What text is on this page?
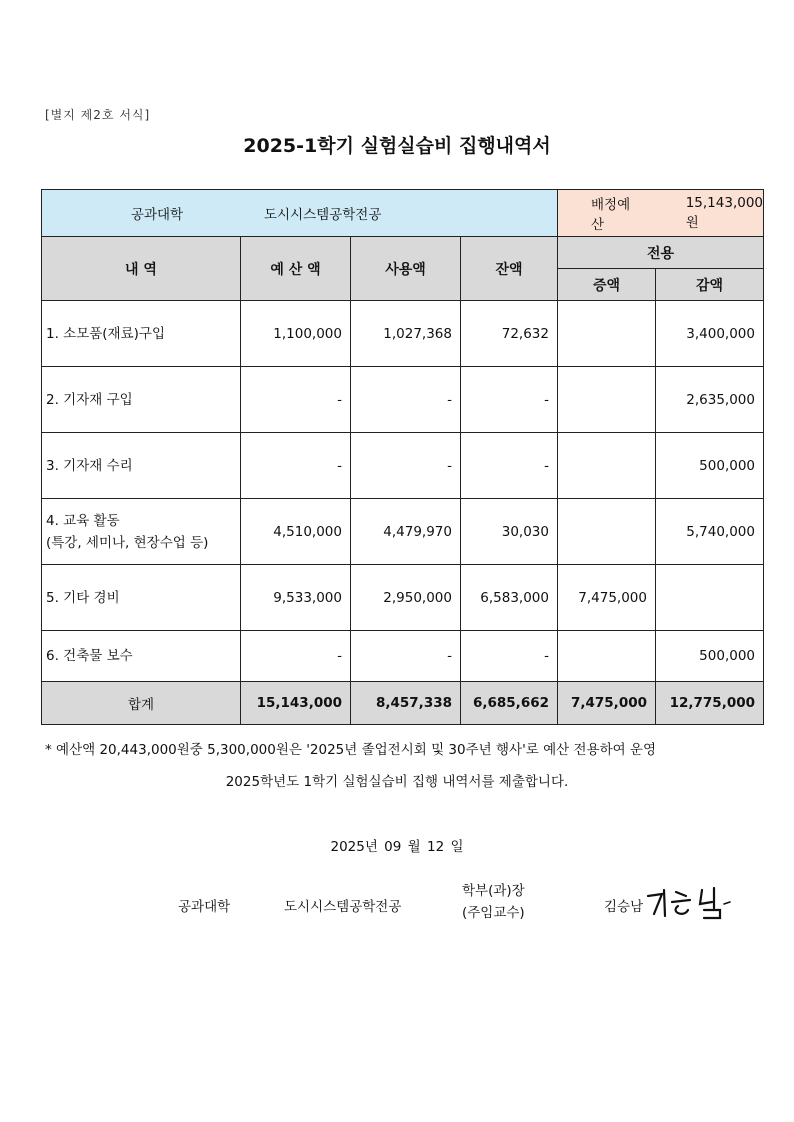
[별지 제2호 서식]
2025-1학기 실험실습비 집행내역서
공과대학 도시시스템공학전공				배정예산
15,143,000 원	

내 역	예 산 액	사용액	잔액	전용	
				증액	감액
1. 소모품(재료)구입	1,100,000	1,027,368	72,632		3,400,000
2. 기자재 구입	-	-	-		2,635,000
3. 기자재 수리	-	-	-		500,000

4. 교육 활동
(특강, 세미나, 현장수업 등)	4,510,000	4,479,970	30,030		5,740,000
5. 기타 경비	9,533,000	2,950,000	6,583,000	7,475,000	
6. 건축물 보수	-	-	-		500,000
합계	15,143,000	8,457,338	6,685,662	7,475,000	12,775,000
* 예산액 20,443,000원중 5,300,000원은 '2025년 졸업전시회 및 30주년 행사'로 예산 전용하여 운영
2025학년도 1학기 실험실습비 집행 내역서를 제출합니다.
2025년 09 월 12 일
공과대학	도시시스템공학전공
학부(과)장
(주임교수)	김승남
